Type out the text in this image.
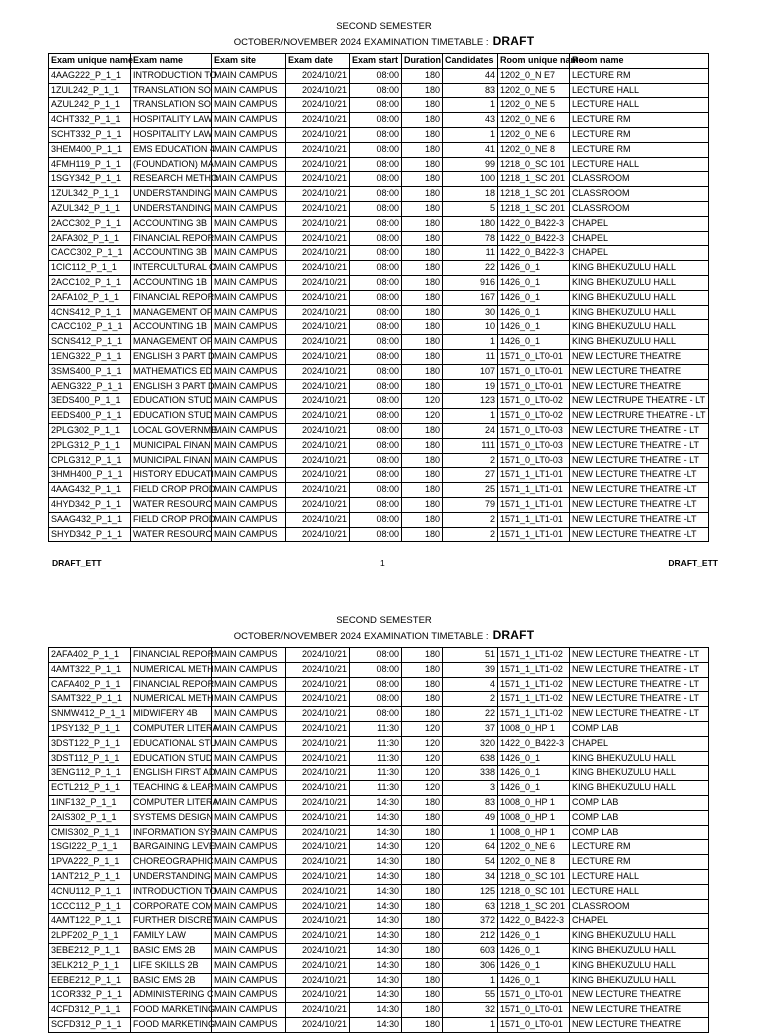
SECOND SEMESTER
OCTOBER/NOVEMBER 2024 EXAMINATION TIMETABLE : DRAFT
Exam unique name	Exam name	Exam site	Exam date	Exam start	Duration	Candidates	Room unique name	Room name
4AAG222_P_1_1	INTRODUCTION TO	MAIN CAMPUS	2024/10/21	08:00	180	44	1202_0_N E7	LECTURE RM
1ZUL242_P_1_1	TRANSLATION SO	MAIN CAMPUS	2024/10/21	08:00	180	83	1202_0_NE 5	LECTURE HALL
AZUL242_P_1_1	TRANSLATION SO	MAIN CAMPUS	2024/10/21	08:00	180	1	1202_0_NE 5	LECTURE HALL
4CHT332_P_1_1	HOSPITALITY LAW	MAIN CAMPUS	2024/10/21	08:00	180	43	1202_0_NE 6	LECTURE RM
SCHT332_P_1_1	HOSPITALITY LAW	MAIN CAMPUS	2024/10/21	08:00	180	1	1202_0_NE 6	LECTURE RM
3HEM400_P_1_1	EMS EDUCATION 4	MAIN CAMPUS	2024/10/21	08:00	180	41	1202_0_NE 8	LECTURE RM
4FMH119_P_1_1	(FOUNDATION) MA	MAIN CAMPUS	2024/10/21	08:00	180	99	1218_0_SC 101	LECTURE HALL
1SGY342_P_1_1	RESEARCH METHO	MAIN CAMPUS	2024/10/21	08:00	180	100	1218_1_SC 201	CLASSROOM
1ZUL342_P_1_1	UNDERSTANDING	MAIN CAMPUS	2024/10/21	08:00	180	18	1218_1_SC 201	CLASSROOM
AZUL342_P_1_1	UNDERSTANDING	MAIN CAMPUS	2024/10/21	08:00	180	5	1218_1_SC 201	CLASSROOM
2ACC302_P_1_1	ACCOUNTING 3B	MAIN CAMPUS	2024/10/21	08:00	180	180	1422_0_B422-3	CHAPEL
2AFA302_P_1_1	FINANCIAL REPOR	MAIN CAMPUS	2024/10/21	08:00	180	78	1422_0_B422-3	CHAPEL
CACC302_P_1_1	ACCOUNTING 3B	MAIN CAMPUS	2024/10/21	08:00	180	11	1422_0_B422-3	CHAPEL
1CIC112_P_1_1	INTERCULTURAL C	MAIN CAMPUS	2024/10/21	08:00	180	22	1426_0_1	KING BHEKUZULU HALL
2ACC102_P_1_1	ACCOUNTING 1B	MAIN CAMPUS	2024/10/21	08:00	180	916	1426_0_1	KING BHEKUZULU HALL
2AFA102_P_1_1	FINANCIAL REPOR	MAIN CAMPUS	2024/10/21	08:00	180	167	1426_0_1	KING BHEKUZULU HALL
4CNS412_P_1_1	MANAGEMENT OF	MAIN CAMPUS	2024/10/21	08:00	180	30	1426_0_1	KING BHEKUZULU HALL
CACC102_P_1_1	ACCOUNTING 1B	MAIN CAMPUS	2024/10/21	08:00	180	10	1426_0_1	KING BHEKUZULU HALL
SCNS412_P_1_1	MANAGEMENT OF	MAIN CAMPUS	2024/10/21	08:00	180	1	1426_0_1	KING BHEKUZULU HALL
1ENG322_P_1_1	ENGLISH 3 PART D	MAIN CAMPUS	2024/10/21	08:00	180	11	1571_0_LT0-01	NEW LECTURE THEATRE
3SMS400_P_1_1	MATHEMATICS ED	MAIN CAMPUS	2024/10/21	08:00	180	107	1571_0_LT0-01	NEW LECTURE THEATRE
AENG322_P_1_1	ENGLISH 3 PART D	MAIN CAMPUS	2024/10/21	08:00	180	19	1571_0_LT0-01	NEW LECTURE THEATRE
3EDS400_P_1_1	EDUCATION STUD	MAIN CAMPUS	2024/10/21	08:00	120	123	1571_0_LT0-02	NEW LECTRUPE THEATRE - LT
EEDS400_P_1_1	EDUCATION STUD	MAIN CAMPUS	2024/10/21	08:00	120	1	1571_0_LT0-02	NEW LECTRURE THEATRE - LT
2PLG302_P_1_1	LOCAL GOVERNME	MAIN CAMPUS	2024/10/21	08:00	180	24	1571_0_LT0-03	NEW LECTURE THEATRE - LT
2PLG312_P_1_1	MUNICIPAL FINAN	MAIN CAMPUS	2024/10/21	08:00	180	111	1571_0_LT0-03	NEW LECTURE THEATRE - LT
CPLG312_P_1_1	MUNICIPAL FINAN	MAIN CAMPUS	2024/10/21	08:00	180	2	1571_0_LT0-03	NEW LECTURE THEATRE - LT
3HMH400_P_1_1	HISTORY EDUCATI	MAIN CAMPUS	2024/10/21	08:00	180	27	1571_1_LT1-01	NEW LECTURE THEATRE -LT
4AAG432_P_1_1	FIELD CROP PROD	MAIN CAMPUS	2024/10/21	08:00	180	25	1571_1_LT1-01	NEW LECTURE THEATRE -LT
4HYD342_P_1_1	WATER RESOURC	MAIN CAMPUS	2024/10/21	08:00	180	79	1571_1_LT1-01	NEW LECTURE THEATRE -LT
SAAG432_P_1_1	FIELD CROP PROD	MAIN CAMPUS	2024/10/21	08:00	180	2	1571_1_LT1-01	NEW LECTURE THEATRE -LT
SHYD342_P_1_1	WATER RESOURC	MAIN CAMPUS	2024/10/21	08:00	180	2	1571_1_LT1-01	NEW LECTURE THEATRE -LT
DRAFT_ETT	1	DRAFT_ETT
SECOND SEMESTER
OCTOBER/NOVEMBER 2024 EXAMINATION TIMETABLE : DRAFT
2AFA402_P_1_1	FINANCIAL REPOR	MAIN CAMPUS	2024/10/21	08:00	180	51	1571_1_LT1-02	NEW LECTURE THEATRE - LT
4AMT322_P_1_1	NUMERICAL METH	MAIN CAMPUS	2024/10/21	08:00	180	39	1571_1_LT1-02	NEW LECTURE THEATRE - LT
CAFA402_P_1_1	FINANCIAL REPOR	MAIN CAMPUS	2024/10/21	08:00	180	4	1571_1_LT1-02	NEW LECTURE THEATRE - LT
SAMT322_P_1_1	NUMERICAL METH	MAIN CAMPUS	2024/10/21	08:00	180	2	1571_1_LT1-02	NEW LECTURE THEATRE - LT
SNMW412_P_1_1	MIDWIFERY 4B	MAIN CAMPUS	2024/10/21	08:00	180	22	1571_1_LT1-02	NEW LECTURE THEATRE - LT
1PSY132_P_1_1	COMPUTER LITERA	MAIN CAMPUS	2024/10/21	11:30	120	37	1008_0_HP 1	COMP LAB
3DST122_P_1_1	EDUCATIONAL STU	MAIN CAMPUS	2024/10/21	11:30	120	320	1422_0_B422-3	CHAPEL
3DST112_P_1_1	EDUCATION STUD	MAIN CAMPUS	2024/10/21	11:30	120	638	1426_0_1	KING BHEKUZULU HALL
3ENG112_P_1_1	ENGLISH FIRST AD	MAIN CAMPUS	2024/10/21	11:30	120	338	1426_0_1	KING BHEKUZULU HALL
ECTL212_P_1_1	TEACHING & LEAR	MAIN CAMPUS	2024/10/21	11:30	120	3	1426_0_1	KING BHEKUZULU HALL
1INF132_P_1_1	COMPUTER LITERA	MAIN CAMPUS	2024/10/21	14:30	180	83	1008_0_HP 1	COMP LAB
2AIS302_P_1_1	SYSTEMS DESIGN	MAIN CAMPUS	2024/10/21	14:30	180	49	1008_0_HP 1	COMP LAB
CMIS302_P_1_1	INFORMATION SYS	MAIN CAMPUS	2024/10/21	14:30	180	1	1008_0_HP 1	COMP LAB
1SGI222_P_1_1	BARGAINING LEVE	MAIN CAMPUS	2024/10/21	14:30	120	64	1202_0_NE 6	LECTURE RM
1PVA222_P_1_1	CHOREOGRAPHIC	MAIN CAMPUS	2024/10/21	14:30	180	54	1202_0_NE 8	LECTURE RM
1ANT212_P_1_1	UNDERSTANDING	MAIN CAMPUS	2024/10/21	14:30	180	34	1218_0_SC 101	LECTURE HALL
4CNU112_P_1_1	INTRODUCTION TO	MAIN CAMPUS	2024/10/21	14:30	180	125	1218_0_SC 101	LECTURE HALL
1CCC112_P_1_1	CORPORATE COM	MAIN CAMPUS	2024/10/21	14:30	180	63	1218_1_SC 201	CLASSROOM
4AMT122_P_1_1	FURTHER DISCRET	MAIN CAMPUS	2024/10/21	14:30	180	372	1422_0_B422-3	CHAPEL
2LPF202_P_1_1	FAMILY LAW	MAIN CAMPUS	2024/10/21	14:30	180	212	1426_0_1	KING BHEKUZULU HALL
3EBE212_P_1_1	BASIC EMS 2B	MAIN CAMPUS	2024/10/21	14:30	180	603	1426_0_1	KING BHEKUZULU HALL
3ELK212_P_1_1	LIFE SKILLS 2B	MAIN CAMPUS	2024/10/21	14:30	180	306	1426_0_1	KING BHEKUZULU HALL
EEBE212_P_1_1	BASIC EMS 2B	MAIN CAMPUS	2024/10/21	14:30	180	1	1426_0_1	KING BHEKUZULU HALL
1COR332_P_1_1	ADMINISTERING C	MAIN CAMPUS	2024/10/21	14:30	180	55	1571_0_LT0-01	NEW LECTURE THEATRE
4CFD312_P_1_1	FOOD MARKETING	MAIN CAMPUS	2024/10/21	14:30	180	32	1571_0_LT0-01	NEW LECTURE THEATRE
SCFD312_P_1_1	FOOD MARKETING	MAIN CAMPUS	2024/10/21	14:30	180	1	1571_0_LT0-01	NEW LECTURE THEATRE
